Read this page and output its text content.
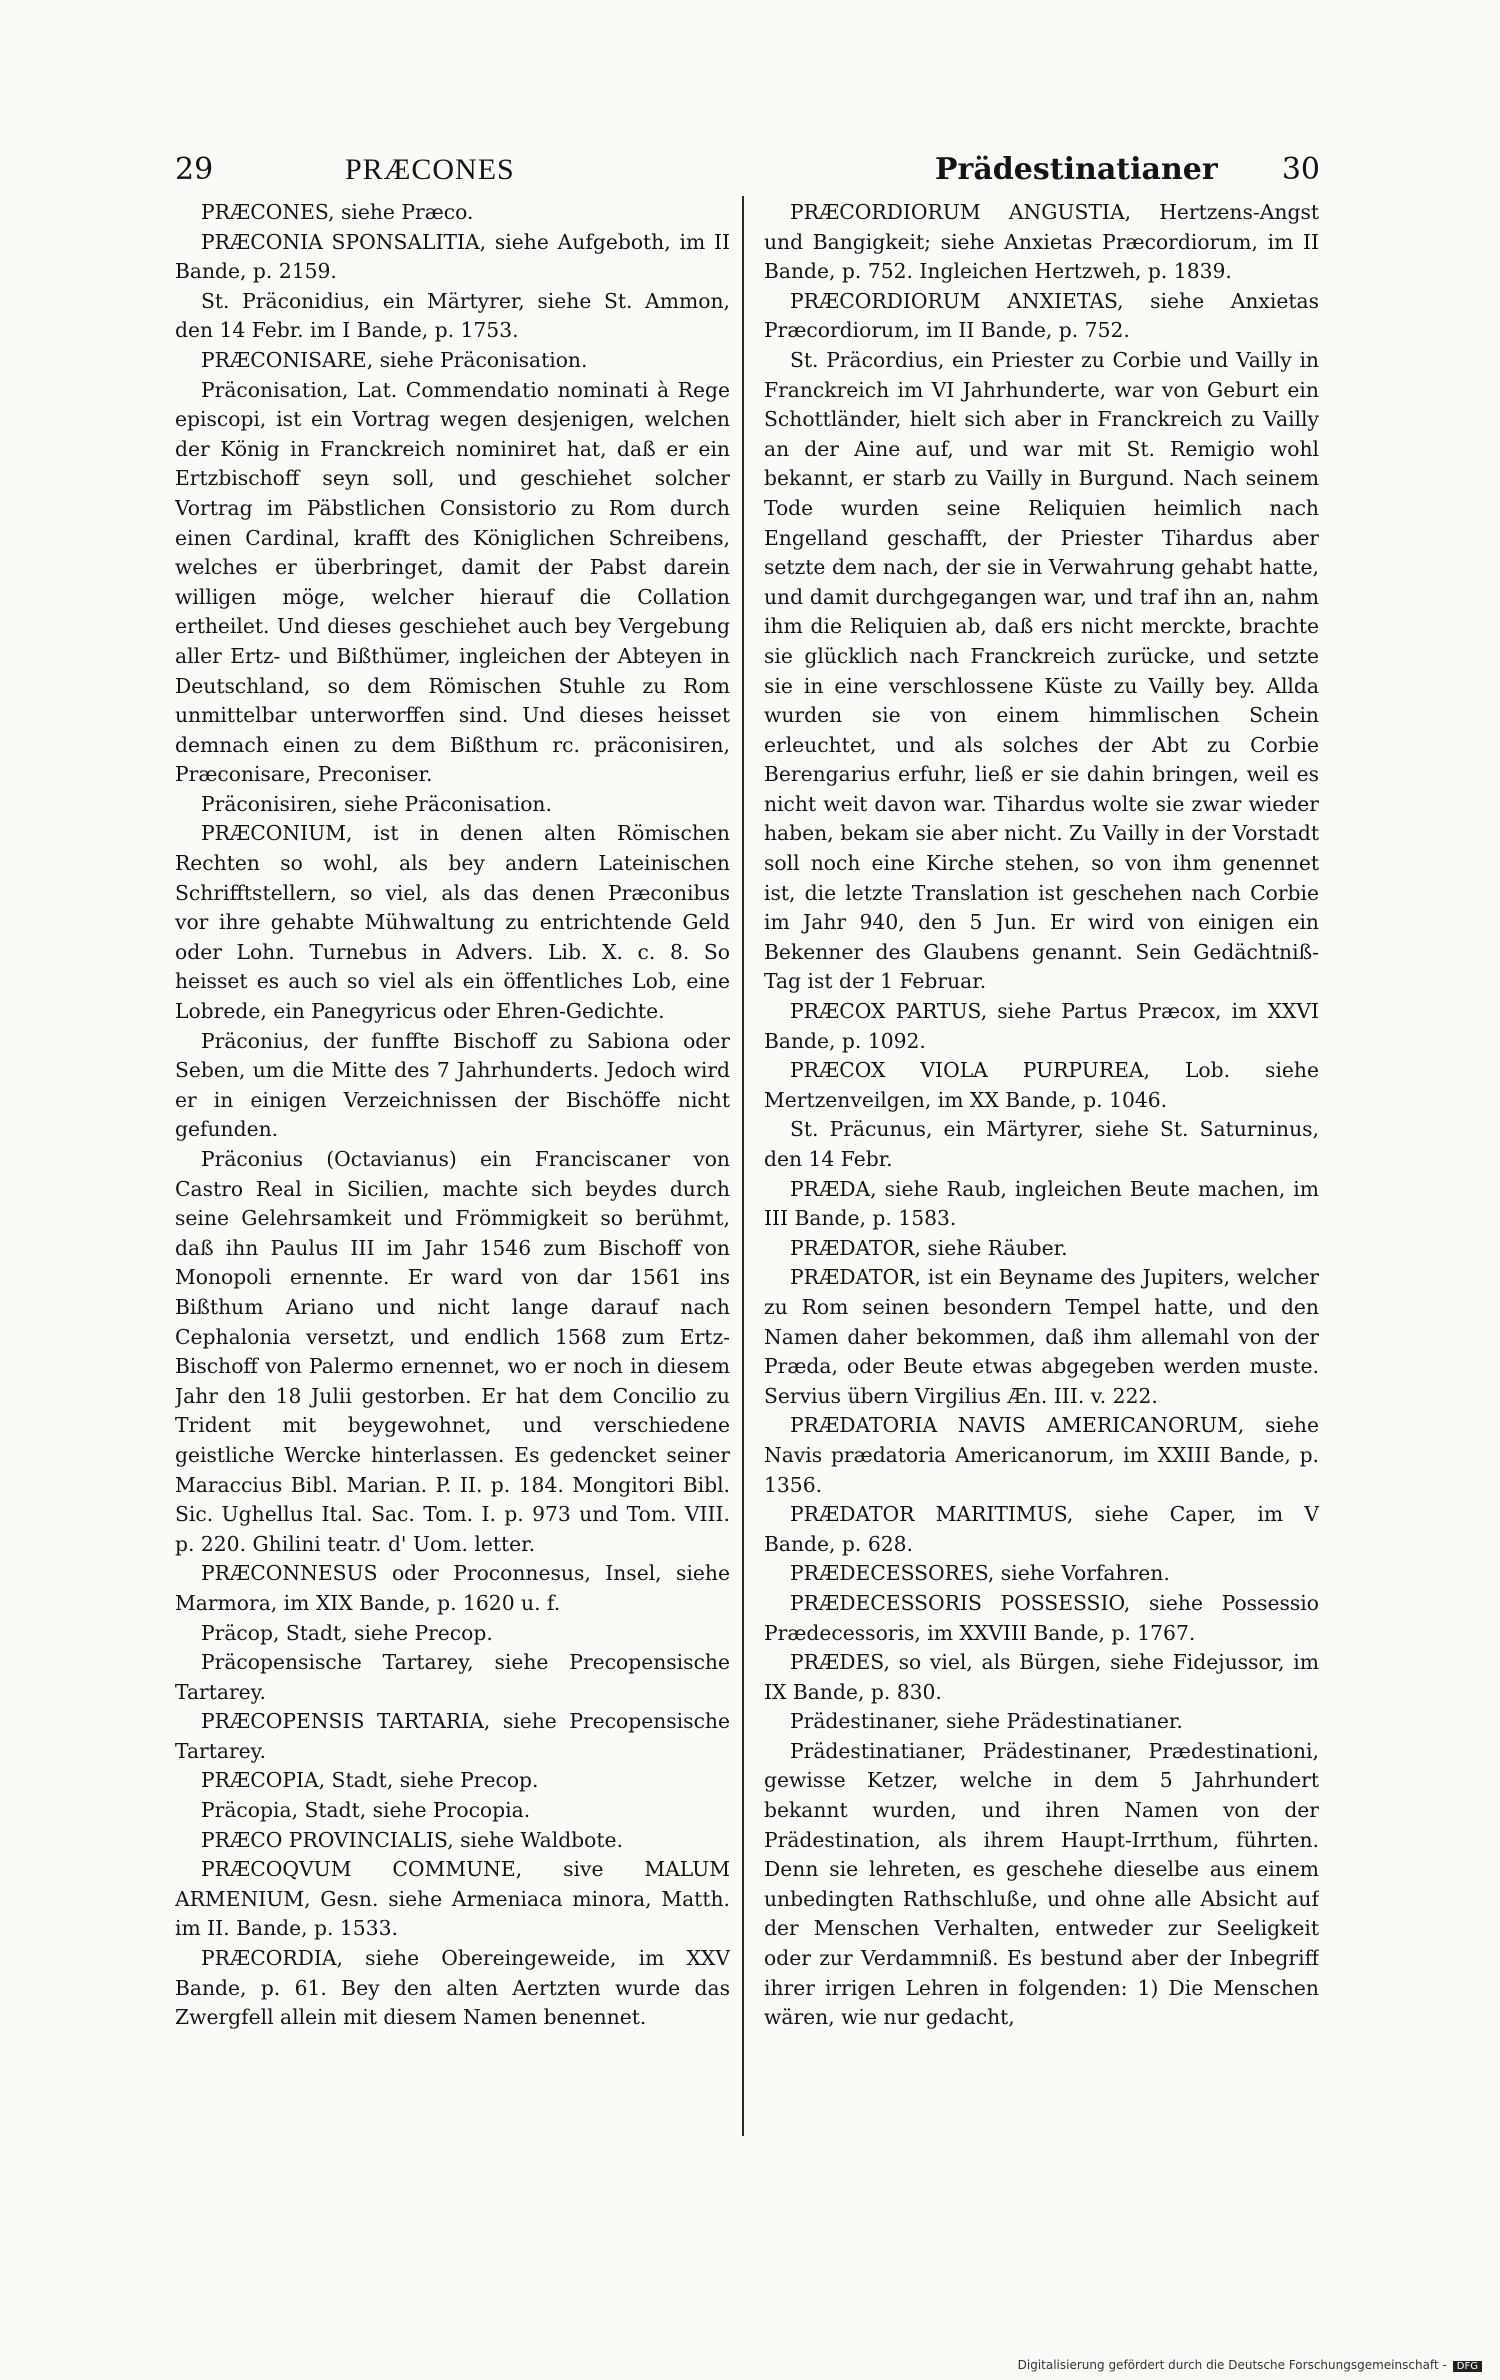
29	PRÆCONES	Prädestinatianer 30

PRÆCONES, siehe Præco.

PRÆCONIA SPONSALITIA, siehe Aufgeboth, im II Bande, p. 2159.

St. Präconidius, ein Märtyrer, siehe St. Ammon, den 14 Febr. im I Bande, p. 1753.

PRÆCONISARE, siehe Präconisation.

Präconisation, Lat. Commendatio nominati à Rege episcopi, ist ein Vortrag wegen desjenigen, welchen der König in Franckreich nominiret hat, daß er ein Ertzbischoff seyn soll, und geschiehet solcher Vortrag im Päbstlichen Consistorio zu Rom durch einen Cardinal, krafft des Königlichen Schreibens, welches er überbringet, damit der Pabst darein willigen möge, welcher hierauf die Collation ertheilet. Und dieses geschiehet auch bey Vergebung aller Ertz- und Bißthümer, ingleichen der Abteyen in Deutschland, so dem Römischen Stuhle zu Rom unmittelbar unterworffen sind. Und dieses heisset demnach einen zu dem Bißthum rc. präconisiren, Præconisare, Preconiser.

Präconisiren, siehe Präconisation.

PRÆCONIUM, ist in denen alten Römischen Rechten so wohl, als bey andern Lateinischen Schrifftstellern, so viel, als das denen Præconibus vor ihre gehabte Mühwaltung zu entrichtende Geld oder Lohn. Turnebus in Advers. Lib. X. c. 8. So heisset es auch so viel als ein öffentliches Lob, eine Lobrede, ein Panegyricus oder Ehren-Gedichte.

Präconius, der funffte Bischoff zu Sabiona oder Seben, um die Mitte des 7 Jahrhunderts. Jedoch wird er in einigen Verzeichnissen der Bischöffe nicht gefunden.

Präconius (Octavianus) ein Franciscaner von Castro Real in Sicilien, machte sich beydes durch seine Gelehrsamkeit und Frömmigkeit so berühmt, daß ihn Paulus III im Jahr 1546 zum Bischoff von Monopoli ernennte. Er ward von dar 1561 ins Bißthum Ariano und nicht lange darauf nach Cephalonia versetzt, und endlich 1568 zum Ertz-Bischoff von Palermo ernennet, wo er noch in diesem Jahr den 18 Julii gestorben. Er hat dem Concilio zu Trident mit beygewohnet, und verschiedene geistliche Wercke hinterlassen. Es gedencket seiner Maraccius Bibl. Marian. P. II. p. 184. Mongitori Bibl. Sic. Ughellus Ital. Sac. Tom. I. p. 973 und Tom. VIII. p. 220. Ghilini teatr. d' Uom. letter.

PRÆCONNESUS oder Proconnesus, Insel, siehe Marmora, im XIX Bande, p. 1620 u. f.

Präcop, Stadt, siehe Precop.

Präcopensische Tartarey, siehe Precopensische Tartarey.

PRÆCOPENSIS TARTARIA, siehe Precopensische Tartarey.

PRÆCOPIA, Stadt, siehe Precop.

Präcopia, Stadt, siehe Procopia.

PRÆCO PROVINCIALIS, siehe Waldbote.

PRÆCOQVUM COMMUNE, sive MALUM ARMENIUM, Gesn. siehe Armeniaca minora, Matth. im II. Bande, p. 1533.

PRÆCORDIA, siehe Obereingeweide, im XXV Bande, p. 61. Bey den alten Aertzten wurde das Zwergfell allein mit diesem Namen benennet.

PRÆCORDIORUM ANGUSTIA, Hertzens-Angst und Bangigkeit; siehe Anxietas Præcordiorum, im II Bande, p. 752. Ingleichen Hertzweh, p. 1839.

PRÆCORDIORUM ANXIETAS, siehe Anxietas Præcordiorum, im II Bande, p. 752.

St. Präcordius, ein Priester zu Corbie und Vailly in Franckreich im VI Jahrhunderte, war von Geburt ein Schottländer, hielt sich aber in Franckreich zu Vailly an der Aine auf, und war mit St. Remigio wohl bekannt, er starb zu Vailly in Burgund. Nach seinem Tode wurden seine Reliquien heimlich nach Engelland geschafft, der Priester Tihardus aber setzte dem nach, der sie in Verwahrung gehabt hatte, und damit durchgegangen war, und traf ihn an, nahm ihm die Reliquien ab, daß ers nicht merckte, brachte sie glücklich nach Franckreich zurücke, und setzte sie in eine verschlossene Küste zu Vailly bey. Allda wurden sie von einem himmlischen Schein erleuchtet, und als solches der Abt zu Corbie Berengarius erfuhr, ließ er sie dahin bringen, weil es nicht weit davon war. Tihardus wolte sie zwar wieder haben, bekam sie aber nicht. Zu Vailly in der Vorstadt soll noch eine Kirche stehen, so von ihm genennet ist, die letzte Translation ist geschehen nach Corbie im Jahr 940, den 5 Jun. Er wird von einigen ein Bekenner des Glaubens genannt. Sein Gedächtniß-Tag ist der 1 Februar.

PRÆCOX PARTUS, siehe Partus Præcox, im XXVI Bande, p. 1092.

PRÆCOX VIOLA PURPUREA, Lob. siehe Mertzenveilgen, im XX Bande, p. 1046.

St. Präcunus, ein Märtyrer, siehe St. Saturninus, den 14 Febr.

PRÆDA, siehe Raub, ingleichen Beute machen, im III Bande, p. 1583.

PRÆDATOR, siehe Räuber.

PRÆDATOR, ist ein Beyname des Jupiters, welcher zu Rom seinen besondern Tempel hatte, und den Namen daher bekommen, daß ihm allemahl von der Præda, oder Beute etwas abgegeben werden muste. Servius übern Virgilius Æn. III. v. 222.

PRÆDATORIA NAVIS AMERICANORUM, siehe Navis prædatoria Americanorum, im XXIII Bande, p. 1356.

PRÆDATOR MARITIMUS, siehe Caper, im V Bande, p. 628.

PRÆDECESSORES, siehe Vorfahren.

PRÆDECESSORIS POSSESSIO, siehe Possessio Prædecessoris, im XXVIII Bande, p. 1767.

PRÆDES, so viel, als Bürgen, siehe Fidejussor, im IX Bande, p. 830.

Prädestinaner, siehe Prädestinatianer.

Prädestinatianer, Prädestinaner, Prædestinationi, gewisse Ketzer, welche in dem 5 Jahrhundert bekannt wurden, und ihren Namen von der Prädestination, als ihrem Haupt-Irrthum, führten. Denn sie lehreten, es geschehe dieselbe aus einem unbedingten Rathschluße, und ohne alle Absicht auf der Menschen Verhalten, entweder zur Seeligkeit oder zur Verdammniß. Es bestund aber der Inbegriff ihrer irrigen Lehren in folgenden: 1) Die Menschen wären, wie nur gedacht,

Digitalisierung gefördert durch die Deutsche Forschungsgemeinschaft - DFG
